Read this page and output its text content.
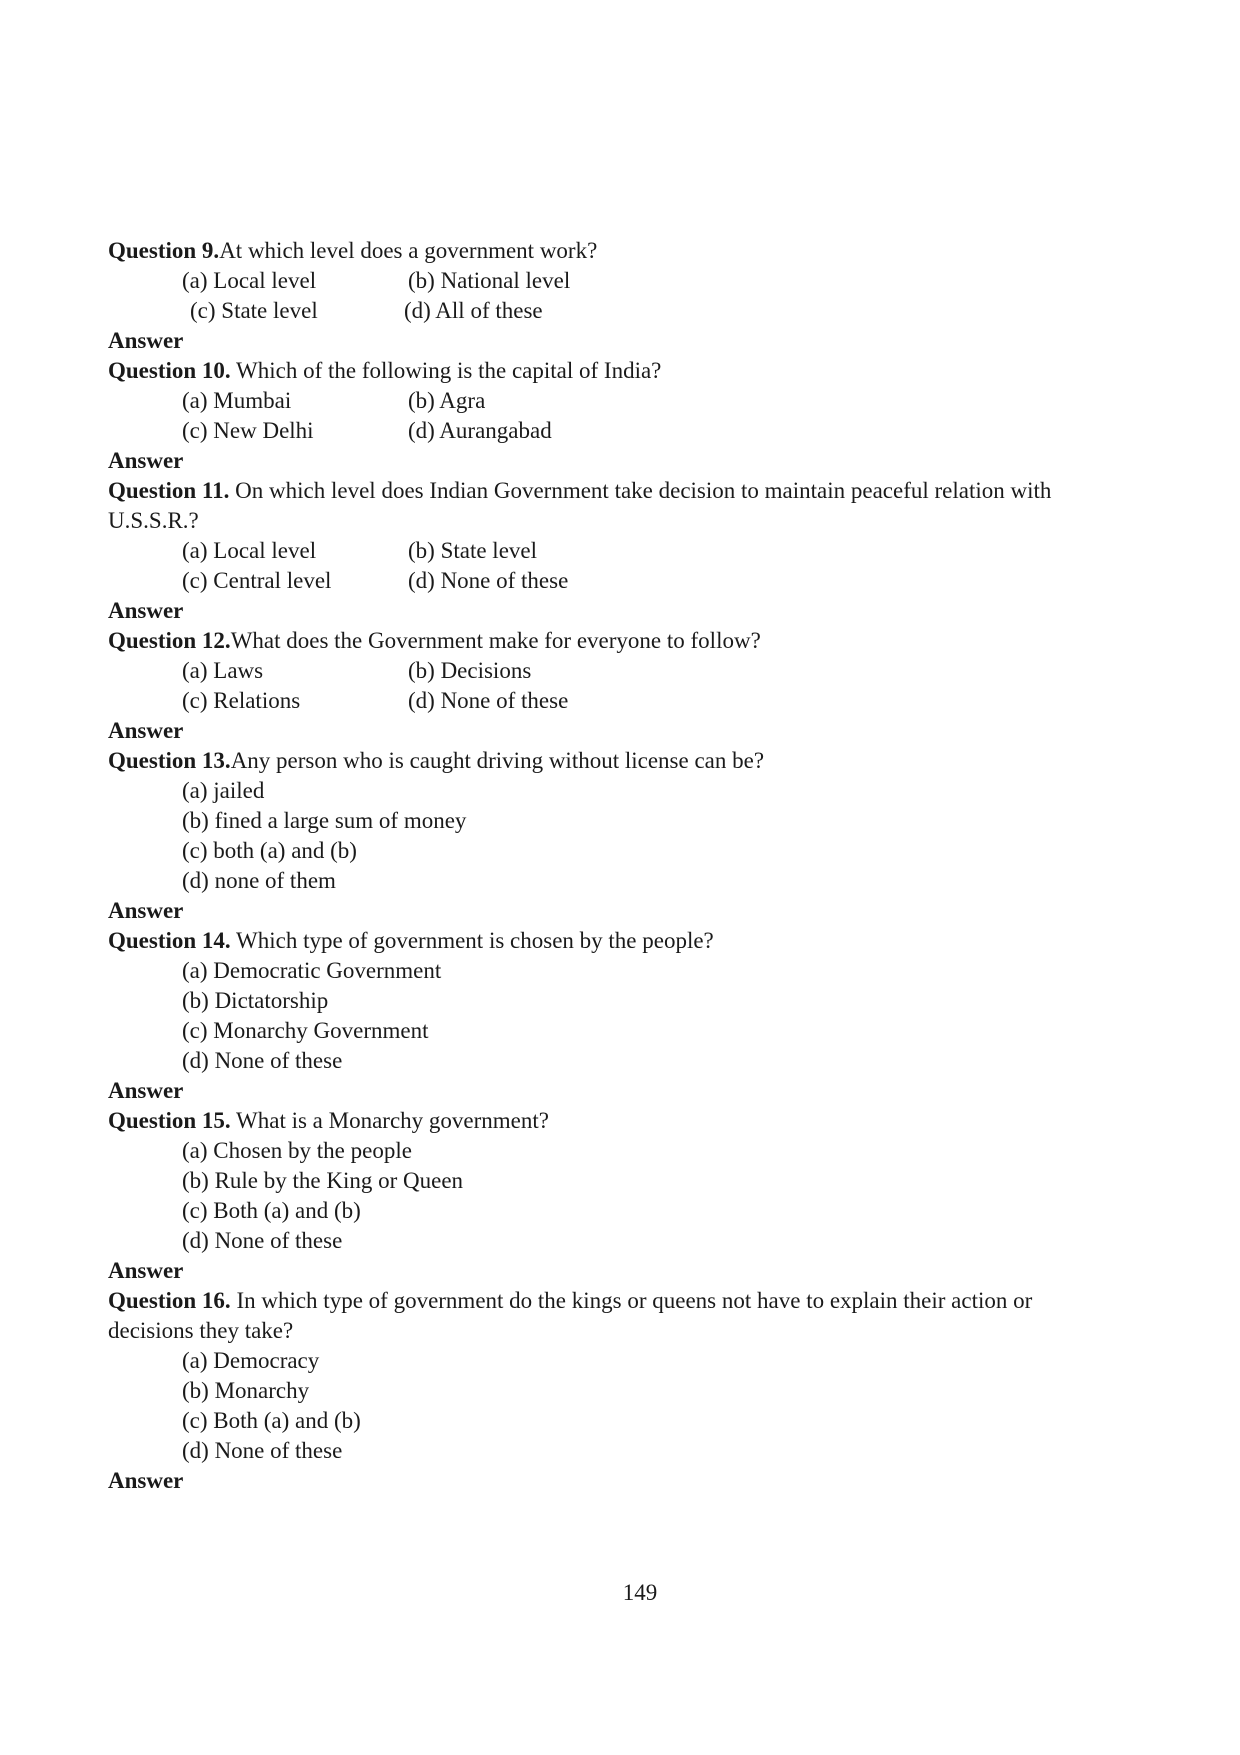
Question 9.At which level does a government work?

(a) Local level	(b) National level
(c) State level	(d) All of these

Answer

Question 10. Which of the following is the capital of India?

(a) Mumbai	(b) Agra
(c) New Delhi	(d) Aurangabad

Answer

Question 11. On which level does Indian Government take decision to maintain peaceful relation with U.S.S.R.?

(a) Local level	(b) State level
(c) Central level	(d) None of these

Answer

Question 12.What does the Government make for everyone to follow?

(a) Laws	(b) Decisions
(c) Relations	(d) None of these

Answer

Question 13.Any person who is caught driving without license can be?

(a) jailed
(b) fined a large sum of money
(c) both (a) and (b)
(d) none of them

Answer

Question 14. Which type of government is chosen by the people?

(a) Democratic Government
(b) Dictatorship
(c) Monarchy Government
(d) None of these

Answer

Question 15. What is a Monarchy government?

(a) Chosen by the people
(b) Rule by the King or Queen
(c) Both (a) and (b)
(d) None of these

Answer

Question 16. In which type of government do the kings or queens not have to explain their action or decisions they take?

(a) Democracy
(b) Monarchy
(c) Both (a) and (b)
(d) None of these

Answer

149
